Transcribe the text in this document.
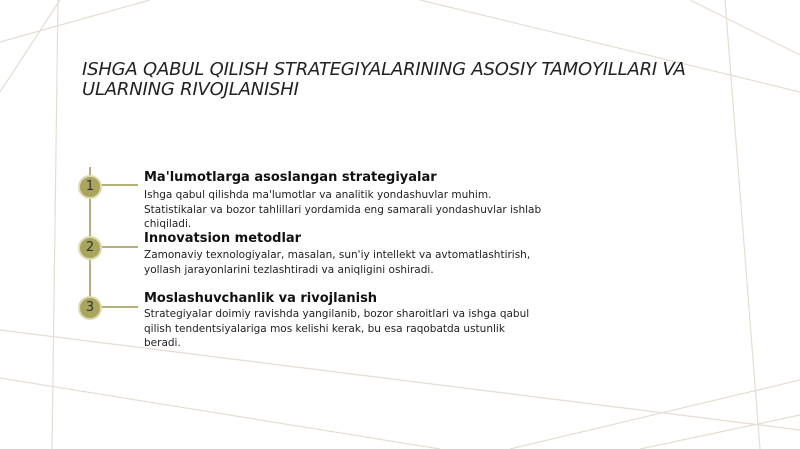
ISHGA QABUL QILISH STRATEGIYALARINING ASOSIY TAMOYILLARI VA ULARNING RIVOJLANISHI
1
Ma'lumotlarga asoslangan strategiyalar

Ishga qabul qilishda ma'lumotlar va analitik yondashuvlar muhim. Statistikalar va bozor tahlillari yordamida eng samarali yondashuvlar ishlab chiqiladi.

2
Innovatsion metodlar

Zamonaviy texnologiyalar, masalan, sun'iy intellekt va avtomatlashtirish, yollash jarayonlarini tezlashtiradi va aniqligini oshiradi.

3
Moslashuvchanlik va rivojlanish

Strategiyalar doimiy ravishda yangilanib, bozor sharoitlari va ishga qabul qilish tendentsiyalariga mos kelishi kerak, bu esa raqobatda ustunlik beradi.
